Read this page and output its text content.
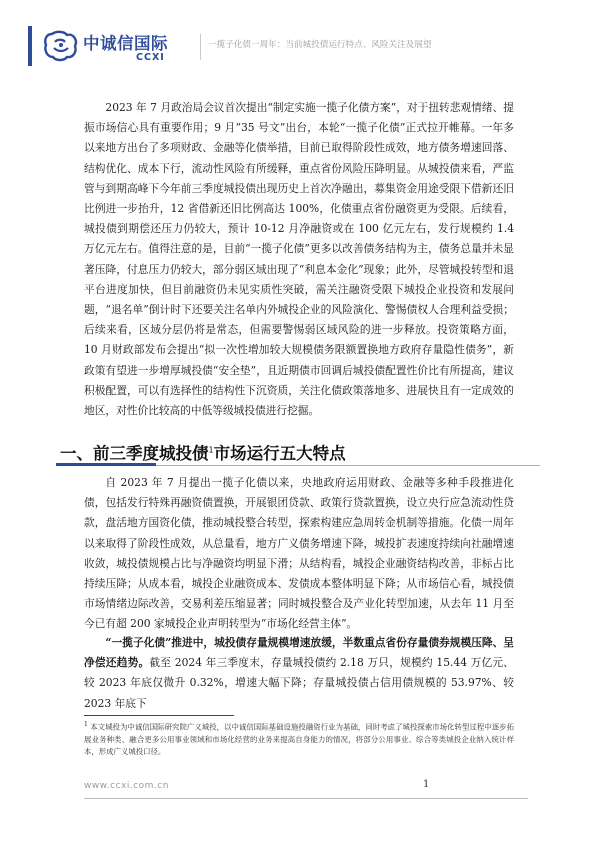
中诚信国际
CCXI
一揽子化债一周年：当前城投债运行特点、风险关注及展望

2023 年 7 月政治局会议首次提出“制定实施一揽子化债方案”，对于扭转悲观情绪、提振市场信心具有重要作用；9 月“35 号文”出台，本轮“一揽子化债”正式拉开帷幕。一年多以来地方出台了多项财政、金融等化债举措，目前已取得阶段性成效，地方债务增速回落、结构优化、成本下行，流动性风险有所缓释，重点省份风险压降明显。从城投债来看，严监管与到期高峰下今年前三季度城投债出现历史上首次净融出，募集资金用途受限下借新还旧比例进一步抬升，12 省借新还旧比例高达 100%，化债重点省份融资更为受限。后续看，城投债到期偿还压力仍较大，预计 10-12 月净融资或在 100 亿元左右，发行规模约 1.4 万亿元左右。值得注意的是，目前“一揽子化债”更多以改善债务结构为主，债务总量并未显著压降，付息压力仍较大，部分弱区域出现了“利息本金化”现象；此外，尽管城投转型和退平台进度加快，但目前融资仍未见实质性突破，需关注融资受限下城投企业投资和发展问题，“退名单”倒计时下还要关注名单内外城投企业的风险演化、警惕债权人合理利益受损；后续来看，区域分层仍将是常态，但需要警惕弱区域风险的进一步释放。投资策略方面，10 月财政部发布会提出“拟一次性增加较大规模债务限额置换地方政府存量隐性债务”，新政策有望进一步增厚城投债“安全垫”，且近期债市回调后城投债配置性价比有所提高，建议积极配置，可以有选择性的结构性下沉资质，关注化债政策落地多、进展快且有一定成效的地区，对性价比较高的中低等级城投债进行挖掘。

一、前三季度城投债$^1$市场运行五大特点

自 2023 年 7 月提出一揽子化债以来，央地政府运用财政、金融等多种手段推进化债，包括发行特殊再融资债置换，开展银团贷款、政策行贷款置换，设立央行应急流动性贷款，盘活地方国资化债，推动城投整合转型，探索构建应急周转金机制等措施。化债一周年以来取得了阶段性成效，从总量看，地方广义债务增速下降，城投扩表速度持续向社融增速收敛，城投债规模占比与净融资均明显下滑；从结构看，城投企业融资结构改善，非标占比持续压降；从成本看，城投企业融资成本、发债成本整体明显下降；从市场信心看，城投债市场情绪边际改善，交易利差压缩显著；同时城投整合及产业化转型加速，从去年 11 月至今已有超 200 家城投企业声明转型为“市场化经营主体”。

“一揽子化债”推进中，城投债存量规模增速放缓，半数重点省份存量债券规模压降、呈净偿还趋势。截至 2024 年三季度末，存量城投债约 2.18 万只，规模约 15.44 万亿元、较 2023 年底仅微升 0.32%，增速大幅下降；存量城投债占信用债规模的 53.97%、较 2023 年底下

$^1$ 本文城投为中诚信国际研究院广义城投，以中诚信国际基础设施投融资行业为基础，同时考虑了城投探索市场化转型过程中逐步拓展业务种类、融合更多公用事业领域和市场化经营的业务来提高自身能力的情况，将部分公用事业、综合等类城投企业纳入统计样本，形成广义城投口径。

www.ccxi.com.cn	1
